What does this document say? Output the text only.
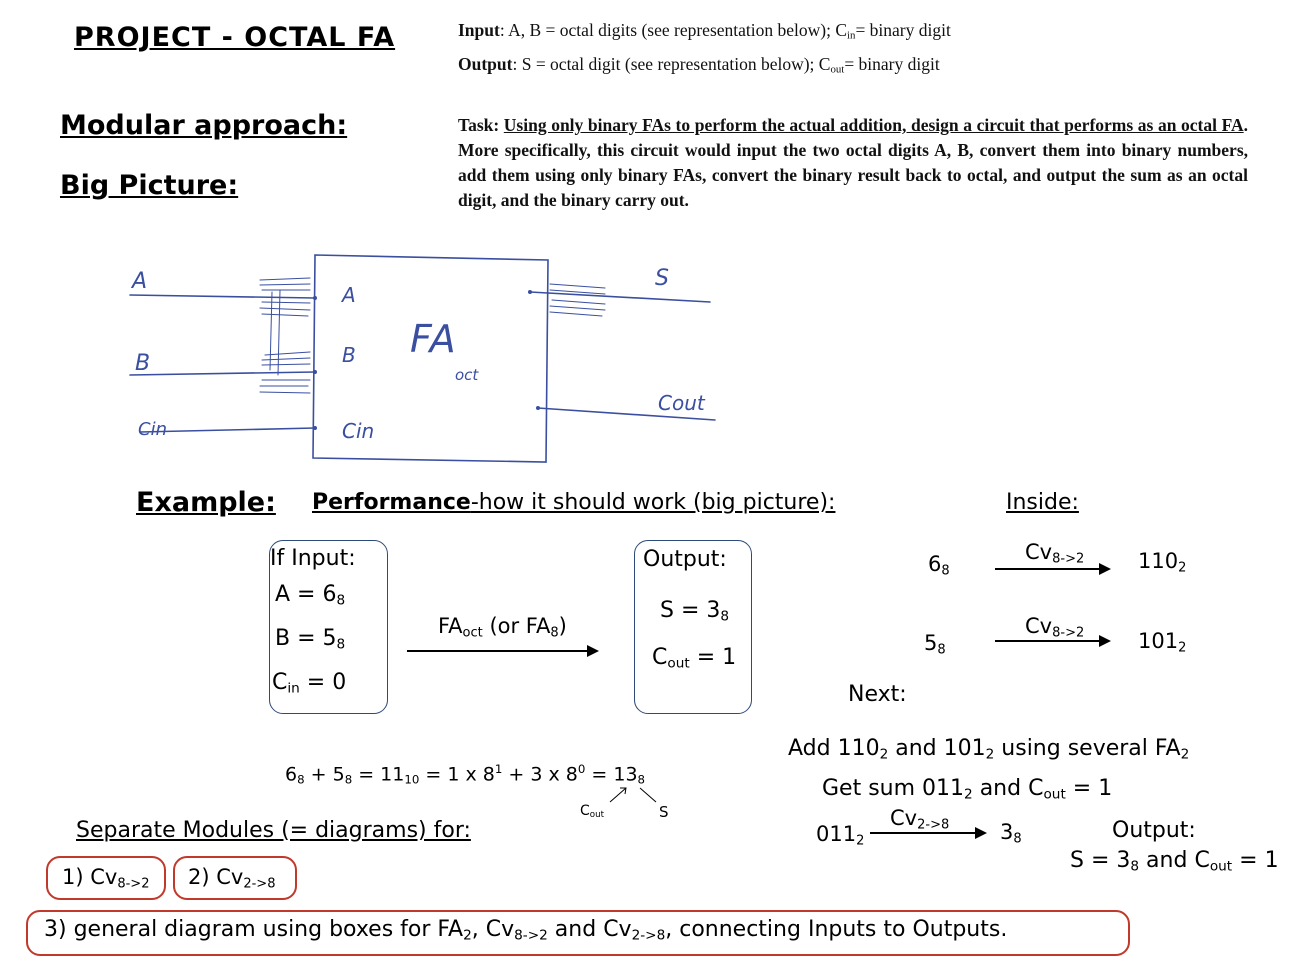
PROJECT - OCTAL FA	Input: A, B = octal digits (see representation below); $C_{in}=$ binary digit
Output: S = octal digit (see representation below); $C_{out}=$ binary digit
Modular approach:
Big Picture:
Task: Using only binary FAs to perform the actual addition, design a circuit that performs as an octal FA. More specifically, this circuit would input the two octal digits A, B, convert them into binary numbers, add them using only binary FAs, convert the binary result back to octal, and output the sum as an octal digit, and the binary carry out.
A
B
Cin
A
B
Cin
FA
oct
S
Cout
Example: Performance-how it should work (big picture):	Inside:
If Input:
$A = 6_8$
$B = 5_8$
$C_{in} = 0$
$FA_{oct}$ (or $FA_8$)
Output:
$S = 3_8$
$C_{out} = 1$
$6_8$
$Cv_{8->2}$	$110_2$
$5_8$
$Cv_{8->2}$	$101_2$
Next:
Add $110_2$ and $101_2$ using several $FA_2$
Get sum $011_2$ and $C_{out} = 1$
$011_2$
$Cv_{2->8}$ $3_8$	Output:
$S = 3_8$ and $C_{out} = 1$
$6_8 + 5_8 = 11_{10} = 1$ x $8^1 + 3$ x $8^0 = 13_8$
$C_{out}$	S
Separate Modules (= diagrams) for:
1) $Cv_{8->2}$ 2) $Cv_{2->8}$
3) general diagram using boxes for $FA_2$, $Cv_{8->2}$ and $Cv_{2->8}$, connecting Inputs to Outputs.
